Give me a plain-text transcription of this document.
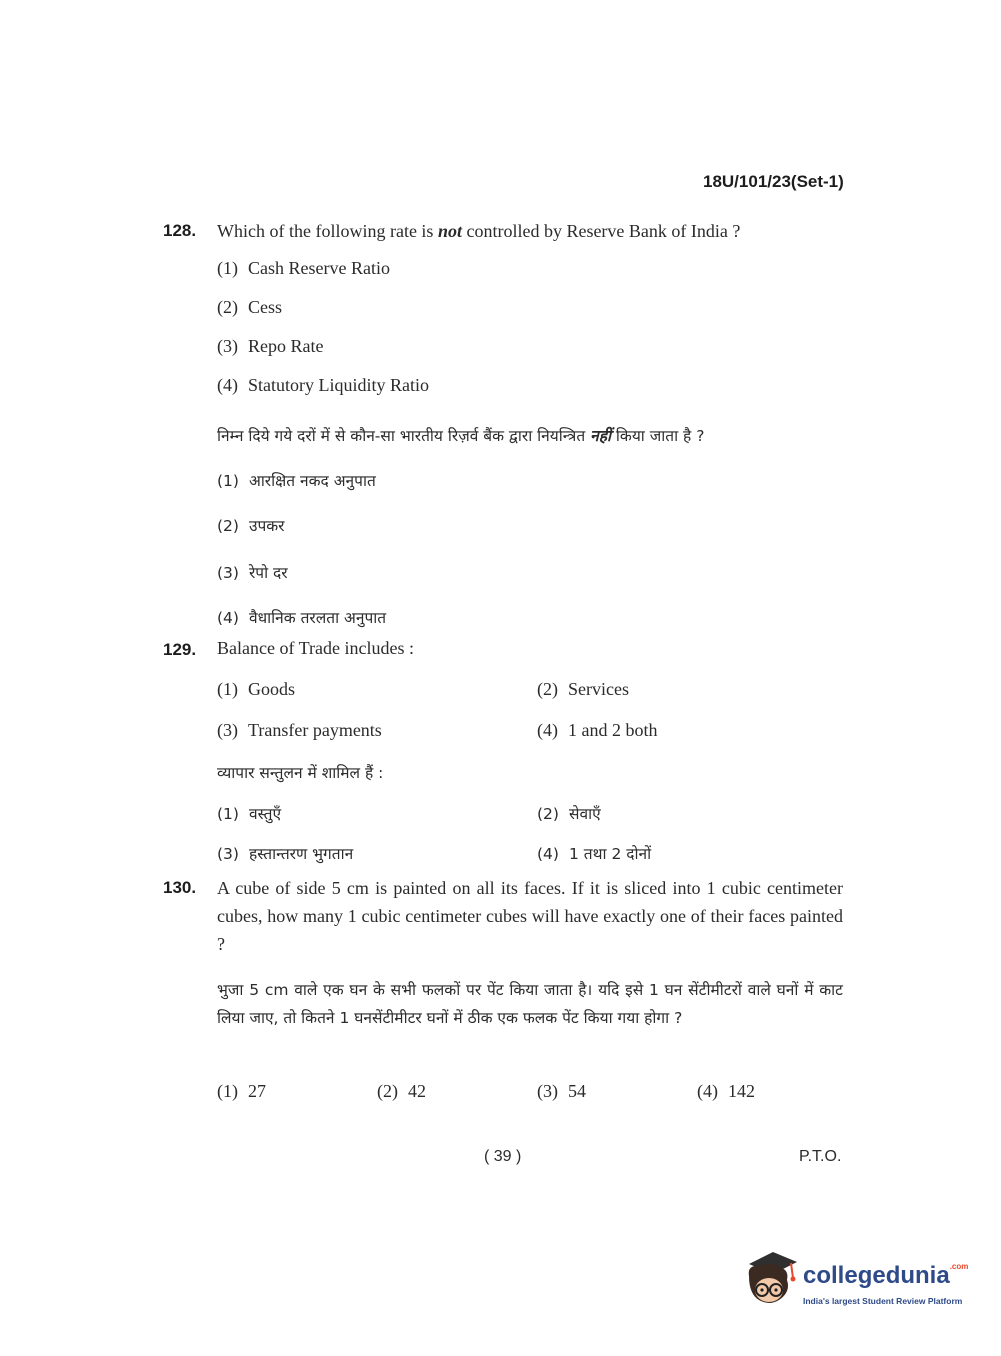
18U/101/23(Set-1)
128. Which of the following rate is not controlled by Reserve Bank of India ?
(1) Cash Reserve Ratio
(2) Cess
(3) Repo Rate
(4) Statutory Liquidity Ratio
निम्न दिये गये दरों में से कौन-सा भारतीय रिज़र्व बैंक द्वारा नियन्त्रित नहीं किया जाता है ?
(1) आरक्षित नकद अनुपात
(2) उपकर
(3) रेपो दर
(4) वैधानिक तरलता अनुपात
129. Balance of Trade includes :
(1) Goods	(2) Services
(3) Transfer payments	(4) 1 and 2 both
व्यापार सन्तुलन में शामिल हैं :
(1) वस्तुएँ	(2) सेवाएँ
(3) हस्तान्तरण भुगतान	(4) 1 तथा 2 दोनों
130. A cube of side 5 cm is painted on all its faces. If it is sliced into 1 cubic centimeter cubes, how many 1 cubic centimeter cubes will have exactly one of their faces painted ?
भुजा 5 cm वाले एक घन के सभी फलकों पर पेंट किया जाता है। यदि इसे 1 घन सेंटीमीटरों वाले घनों में काट लिया जाए, तो कितने 1 घनसेंटीमीटर घनों में ठीक एक फलक पेंट किया गया होगा ?
(1) 27	(2) 42	(3) 54	(4) 142
( 39 )	P.T.O.
collegedunia$^{.com}$
India's largest Student Review Platform
